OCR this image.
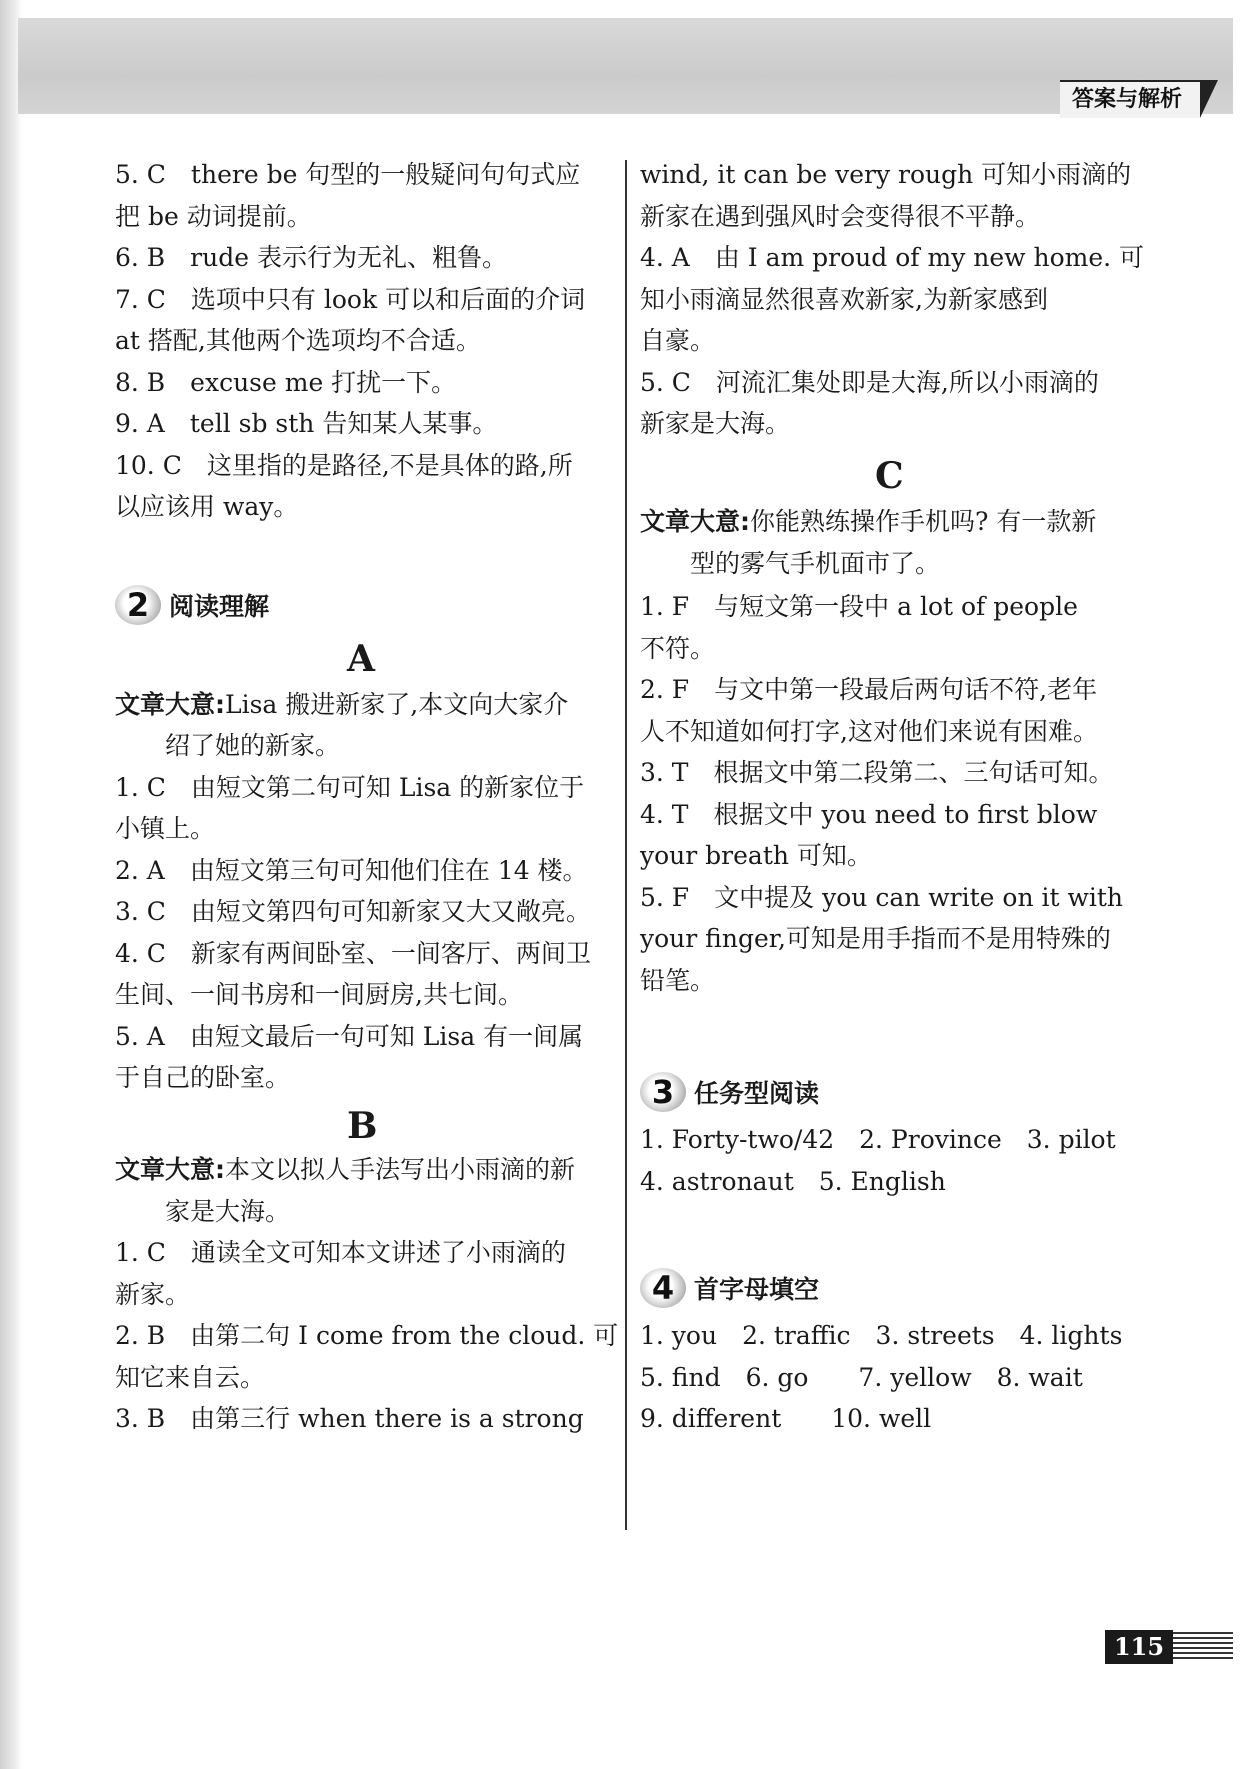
答案与解析
5. C　there be 句型的一般疑问句句式应
把 be 动词提前。
6. B　rude 表示行为无礼、粗鲁。
7. C　选项中只有 look 可以和后面的介词
at 搭配,其他两个选项均不合适。
8. B　excuse me 打扰一下。
9. A　tell sb sth 告知某人某事。
10. C　这里指的是路径,不是具体的路,所
以应该用 way。
2 阅读理解
A
文章大意:Lisa 搬进新家了,本文向大家介
绍了她的新家。
1. C　由短文第二句可知 Lisa 的新家位于
小镇上。
2. A　由短文第三句可知他们住在 14 楼。
3. C　由短文第四句可知新家又大又敞亮。
4. C　新家有两间卧室、一间客厅、两间卫
生间、一间书房和一间厨房,共七间。
5. A　由短文最后一句可知 Lisa 有一间属
于自己的卧室。
B
文章大意:本文以拟人手法写出小雨滴的新
家是大海。
1. C　通读全文可知本文讲述了小雨滴的
新家。
2. B　由第二句 I come from the cloud. 可
知它来自云。
3. B　由第三行 when there is a strong
wind, it can be very rough 可知小雨滴的
新家在遇到强风时会变得很不平静。
4. A　由 I am proud of my new home. 可
知小雨滴显然很喜欢新家,为新家感到
自豪。
5. C　河流汇集处即是大海,所以小雨滴的
新家是大海。
C
文章大意:你能熟练操作手机吗? 有一款新
型的雾气手机面市了。
1. F　与短文第一段中 a lot of people
不符。
2. F　与文中第一段最后两句话不符,老年
人不知道如何打字,这对他们来说有困难。
3. T　根据文中第二段第二、三句话可知。
4. T　根据文中 you need to first blow
your breath 可知。
5. F　文中提及 you can write on it with
your finger,可知是用手指而不是用特殊的
铅笔。
3 任务型阅读
1. Forty-two/42　2. Province　3. pilot
4. astronaut　5. English
4 首字母填空
1. you　2. traffic　3. streets　4. lights
5. find　6. go　　7. yellow　8. wait
9. different　　10. well
115
